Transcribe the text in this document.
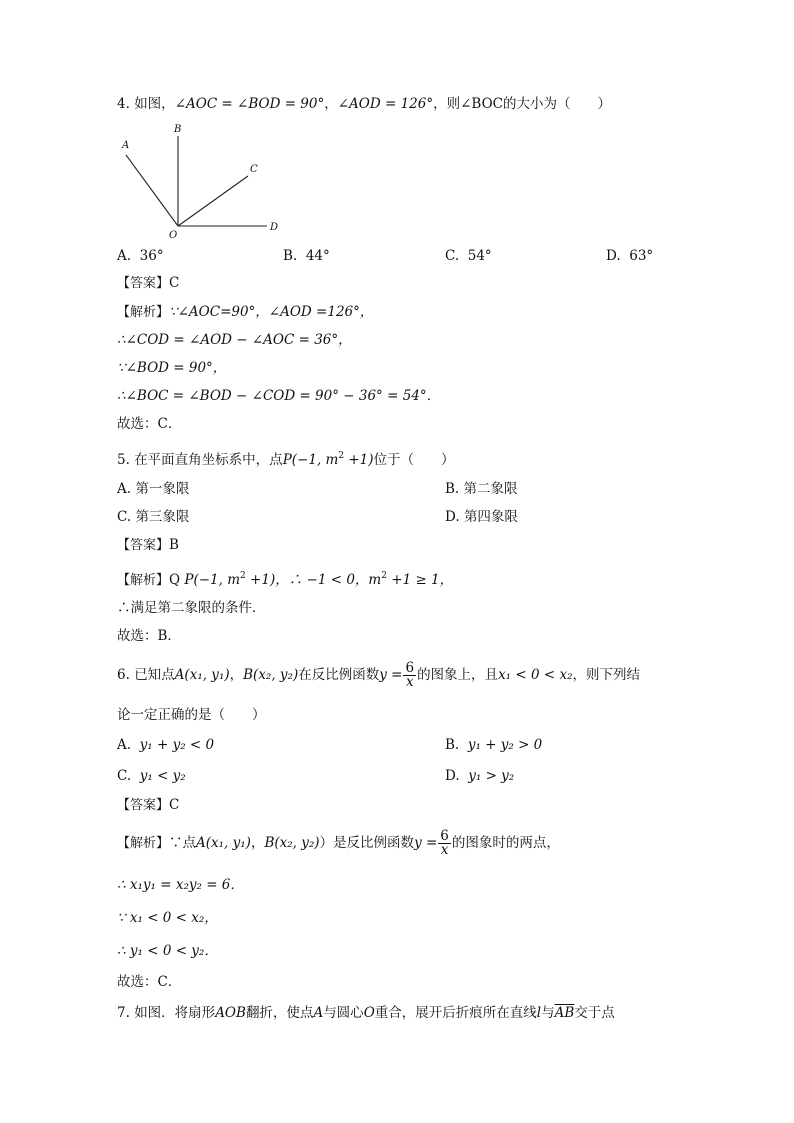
4. 如图，∠AOC = ∠BOD = 90°，∠AOD = 126°，则∠BOC的大小为（　　）
A
B
C
D
O
A. 36°	B. 44°	C. 54°	D. 63°
【答案】C
【解析】∵∠AOC=90°，∠AOD =126°，
∴∠COD = ∠AOD − ∠AOC = 36°，
∵∠BOD = 90°，
∴∠BOC = ∠BOD − ∠COD = 90° − 36° = 54°．
故选：C．
5. 在平面直角坐标系中，点P(−1, $m^2 +1$)位于（　　）
A. 第一象限	B. 第二象限
C. 第三象限	D. 第四象限
【答案】B
【解析】Q P(−1, $m^2 +1$)，∴ −1 < 0，$m^2 +1 \ge 1$，
∴满足第二象限的条件．
故选：B．
6. 已知点A(x₁, y₁)，B(x₂, y₂)在反比例函数$y = \frac{6}{x}$ 的图象上，且x₁ < 0 < x₂，则下列结
论一定正确的是（　　）
A. y₁ + y₂ < 0	B. y₁ + y₂ > 0
C. y₁ < y₂	D. y₁ > y₂
【答案】C
【解析】∵点A(x₁, y₁)，B(x₂, y₂)）是反比例函数$y = \frac{6}{x}$ 的图象时的两点，
∴ x₁y₁ = x₂y₂ = 6．
∵ x₁ < 0 < x₂，
∴ y₁ < 0 < y₂．
故选：C．
7. 如图．将扇形AOB翻折，使点A与圆心O重合，展开后折痕所在直线l与$\overline{AB}$交于点
